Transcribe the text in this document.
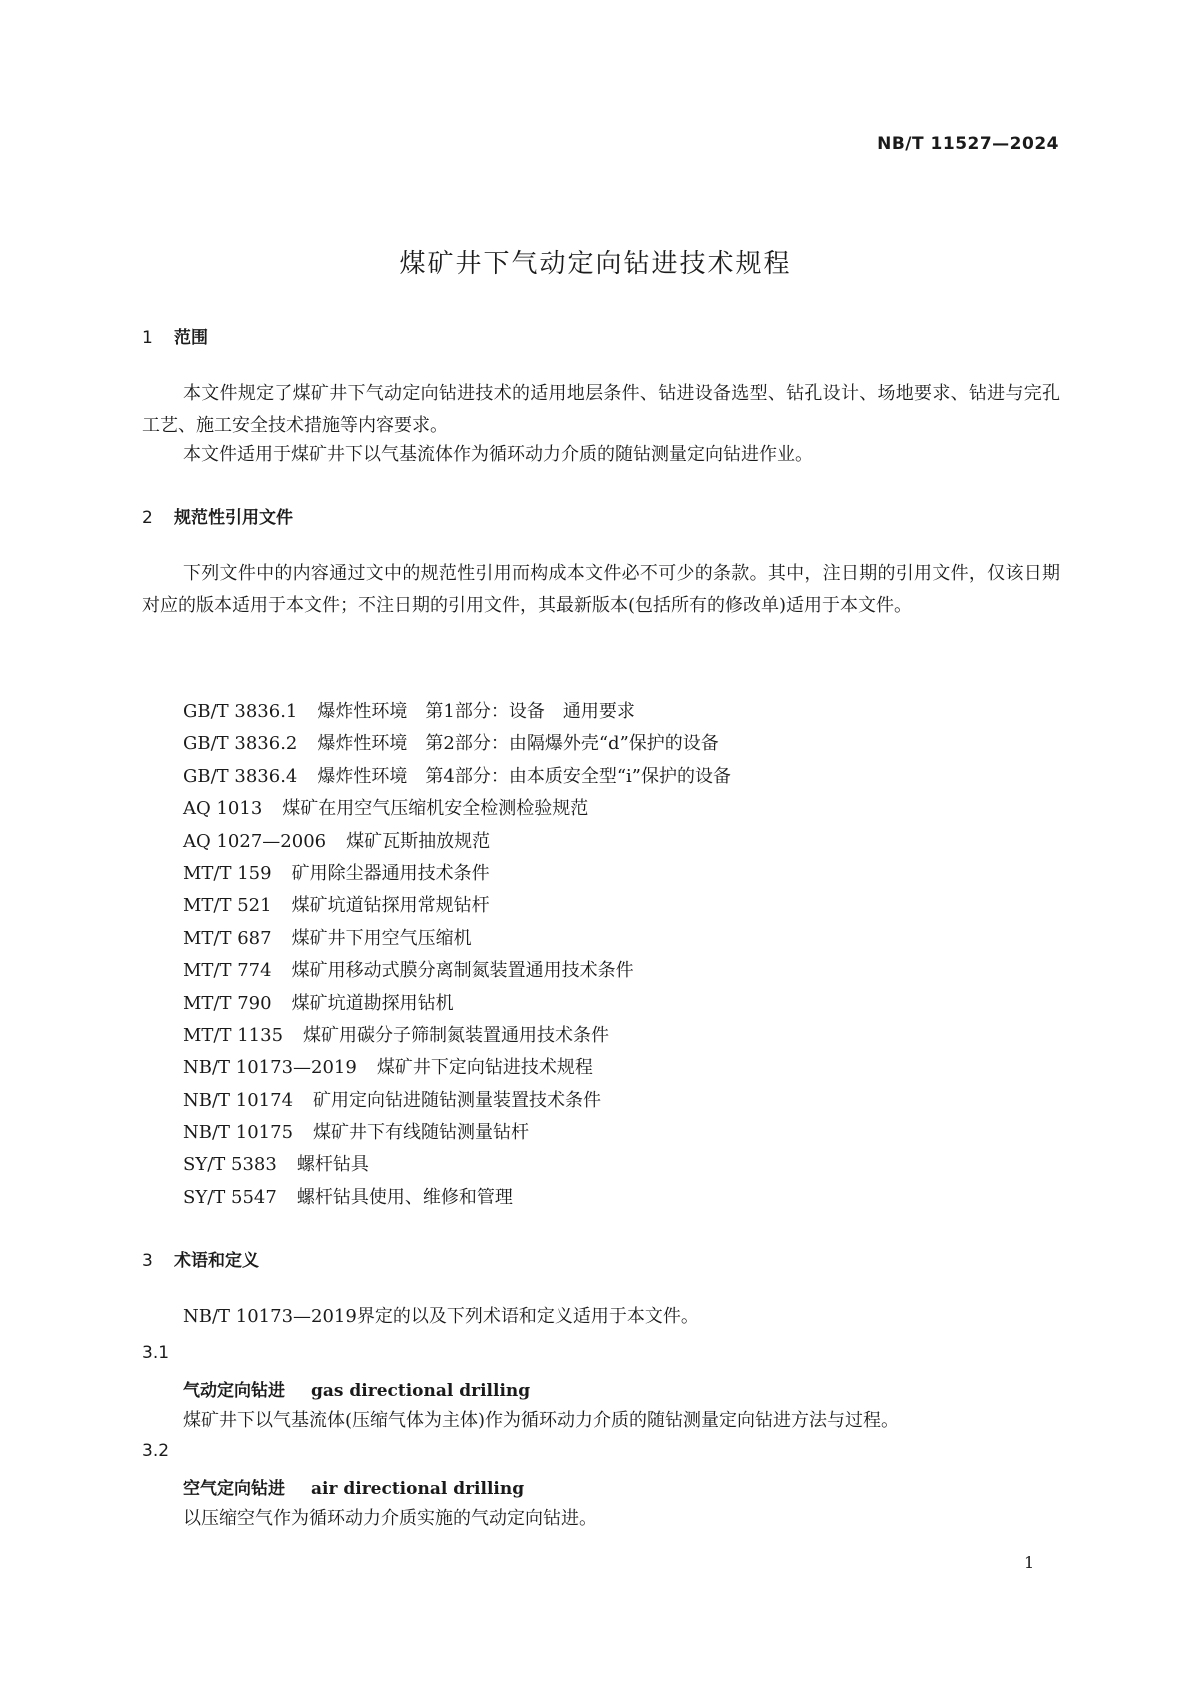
NB/T 11527—2024
煤矿井下气动定向钻进技术规程
1 范围

本文件规定了煤矿井下气动定向钻进技术的适用地层条件、钻进设备选型、钻孔设计、场地要求、钻进与完孔工艺、施工安全技术措施等内容要求。

本文件适用于煤矿井下以气基流体作为循环动力介质的随钻测量定向钻进作业。

2 规范性引用文件

下列文件中的内容通过文中的规范性引用而构成本文件必不可少的条款。其中，注日期的引用文件，仅该日期对应的版本适用于本文件；不注日期的引用文件，其最新版本(包括所有的修改单)适用于本文件。

GB/T 3836.1 爆炸性环境　第1部分：设备　通用要求
GB/T 3836.2 爆炸性环境　第2部分：由隔爆外壳“d”保护的设备
GB/T 3836.4 爆炸性环境　第4部分：由本质安全型“i”保护的设备
AQ 1013 煤矿在用空气压缩机安全检测检验规范
AQ 1027—2006 煤矿瓦斯抽放规范
MT/T 159 矿用除尘器通用技术条件
MT/T 521 煤矿坑道钻探用常规钻杆
MT/T 687 煤矿井下用空气压缩机
MT/T 774 煤矿用移动式膜分离制氮装置通用技术条件
MT/T 790 煤矿坑道勘探用钻机
MT/T 1135 煤矿用碳分子筛制氮装置通用技术条件
NB/T 10173—2019 煤矿井下定向钻进技术规程
NB/T 10174 矿用定向钻进随钻测量装置技术条件
NB/T 10175 煤矿井下有线随钻测量钻杆
SY/T 5383 螺杆钻具
SY/T 5547 螺杆钻具使用、维修和管理
3 术语和定义

NB/T 10173—2019界定的以及下列术语和定义适用于本文件。

3.1
气动定向钻进 gas directional drilling
煤矿井下以气基流体(压缩气体为主体)作为循环动力介质的随钻测量定向钻进方法与过程。
3.2
空气定向钻进 air directional drilling
以压缩空气作为循环动力介质实施的气动定向钻进。
1
